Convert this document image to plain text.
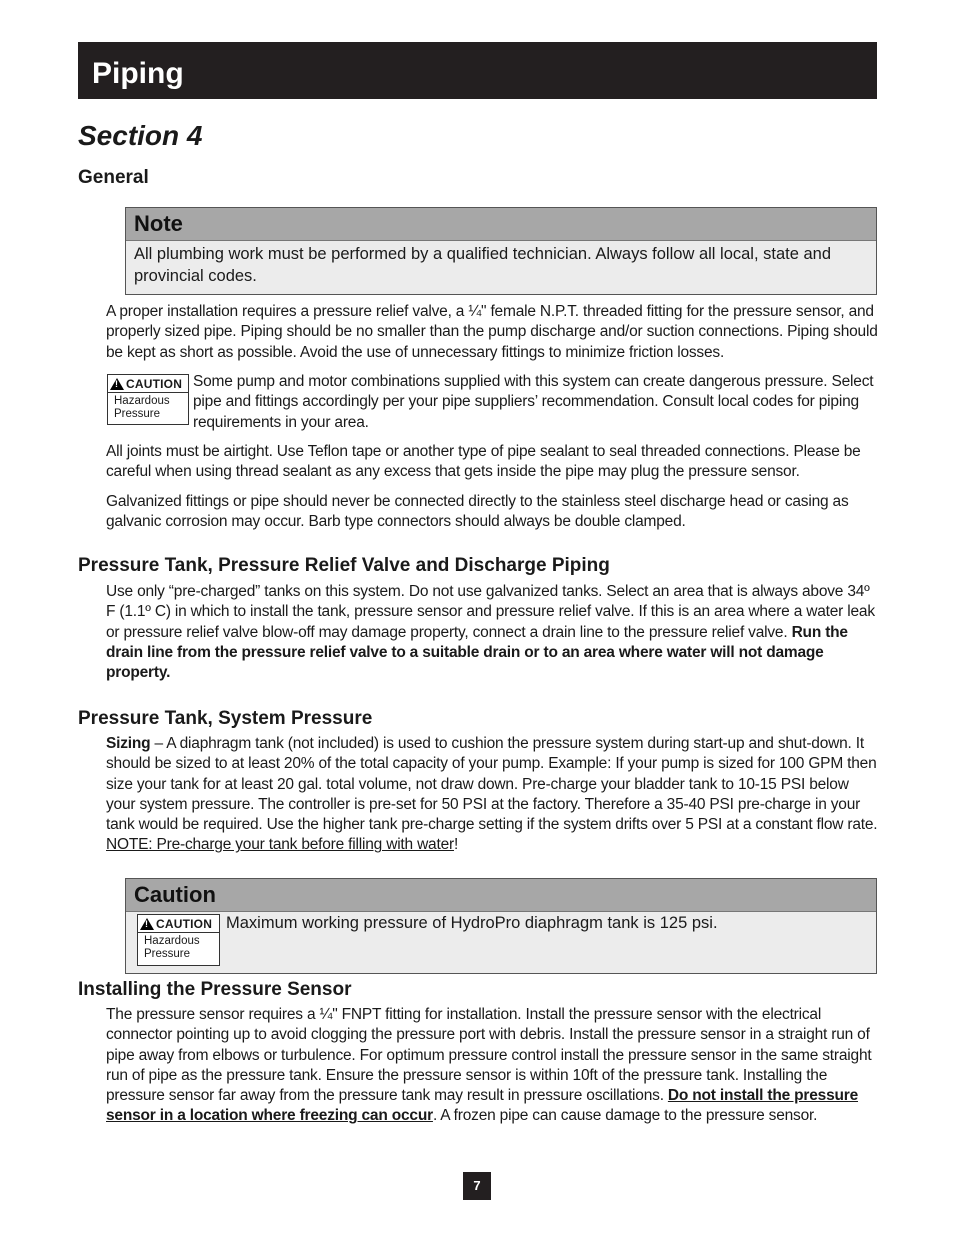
Piping
Section 4
General
Note
All plumbing work must be performed by a qualified technician. Always follow all local, state and provincial codes.
A proper installation requires a pressure relief valve, a ¼" female N.P.T. threaded fitting for the pressure sensor, and properly sized pipe. Piping should be no smaller than the pump discharge and/or suction connections. Piping should be kept as short as possible. Avoid the use of unnecessary fittings to minimize friction losses.
!
CAUTION
Hazardous
Pressure
Some pump and motor combinations supplied with this system can create dangerous pressure. Select pipe and fittings accordingly per your pipe suppliers’ recommendation. Consult local codes for piping requirements in your area.
All joints must be airtight. Use Teflon tape or another type of pipe sealant to seal threaded connections. Please be careful when using thread sealant as any excess that gets inside the pipe may plug the pressure sensor.
Galvanized fittings or pipe should never be connected directly to the stainless steel discharge head or casing as galvanic corrosion may occur. Barb type connectors should always be double clamped.
Pressure Tank, Pressure Relief Valve and Discharge Piping
Use only “pre-charged” tanks on this system. Do not use galvanized tanks. Select an area that is always above 34º F (1.1º C) in which to install the tank, pressure sensor and pressure relief valve. If this is an area where a water leak or pressure relief valve blow-off may damage property, connect a drain line to the pressure relief valve. Run the drain line from the pressure relief valve to a suitable drain or to an area where water will not damage property.
Pressure Tank, System Pressure
Sizing – A diaphragm tank (not included) is used to cushion the pressure system during start-up and shut-down. It should be sized to at least 20% of the total capacity of your pump. Example: If your pump is sized for 100 GPM then size your tank for at least 20 gal. total volume, not draw down. Pre-charge your bladder tank to 10-15 PSI below your system pressure. The controller is pre-set for 50 PSI at the factory. Therefore a 35-40 PSI pre-charge in your tank would be required. Use the higher tank pre-charge setting if the system drifts over 5 PSI at a constant flow rate. NOTE: Pre-charge your tank before filling with water!
Caution
!
CAUTION
Hazardous
Pressure
Maximum working pressure of HydroPro diaphragm tank is 125 psi.
Installing the Pressure Sensor
The pressure sensor requires a ¼" FNPT fitting for installation. Install the pressure sensor with the electrical connector pointing up to avoid clogging the pressure port with debris. Install the pressure sensor in a straight run of pipe away from elbows or turbulence. For optimum pressure control install the pressure sensor in the same straight run of pipe as the pressure tank. Ensure the pressure sensor is within 10ft of the pressure tank. Installing the pressure sensor far away from the pressure tank may result in pressure oscillations. Do not install the pressure sensor in a location where freezing can occur. A frozen pipe can cause damage to the pressure sensor.
7
